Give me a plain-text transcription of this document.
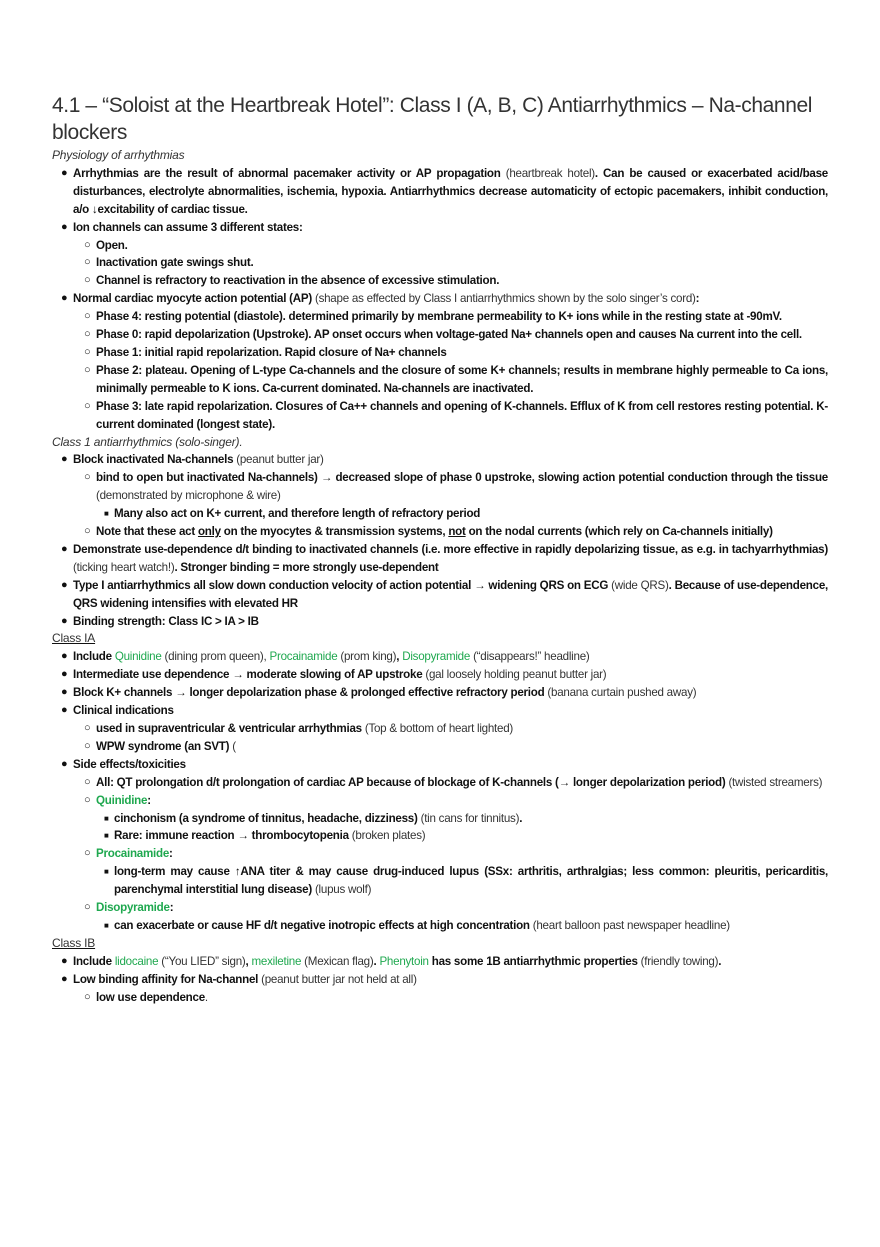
4.1 – “Soloist at the Heartbreak Hotel”: Class I (A, B, C) Antiarrhythmics – Na-channel blockers
Physiology of arrhythmias
● Arrhythmias are the result of abnormal pacemaker activity or AP propagation (heartbreak hotel). Can be caused or exacerbated acid/base disturbances, electrolyte abnormalities, ischemia, hypoxia. Antiarrhythmics decrease automaticity of ectopic pacemakers, inhibit conduction, a/o ↓excitability of cardiac tissue.
● Ion channels can assume 3 different states:
○ Open.
○ Inactivation gate swings shut.
○ Channel is refractory to reactivation in the absence of excessive stimulation.
● Normal cardiac myocyte action potential (AP) (shape as effected by Class I antiarrhythmics shown by the solo singer’s cord):
○ Phase 4: resting potential (diastole). determined primarily by membrane permeability to K+ ions while in the resting state at -90mV.
○ Phase 0: rapid depolarization (Upstroke). AP onset occurs when voltage-gated Na+ channels open and causes Na current into the cell.
○ Phase 1: initial rapid repolarization. Rapid closure of Na+ channels
○ Phase 2: plateau. Opening of L-type Ca-channels and the closure of some K+ channels; results in membrane highly permeable to Ca ions, minimally permeable to K ions. Ca-current dominated. Na-channels are inactivated.
○ Phase 3: late rapid repolarization. Closures of Ca++ channels and opening of K-channels. Efflux of K from cell restores resting potential. K-current dominated (longest state).
Class 1 antiarrhythmics (solo-singer).
● Block inactivated Na-channels (peanut butter jar)
○ bind to open but inactivated Na-channels) → decreased slope of phase 0 upstroke, slowing action potential conduction through the tissue (demonstrated by microphone & wire)
■ Many also act on K+ current, and therefore length of refractory period
○ Note that these act only on the myocytes & transmission systems, not on the nodal currents (which rely on Ca-channels initially)
● Demonstrate use-dependence d/t binding to inactivated channels (i.e. more effective in rapidly depolarizing tissue, as e.g. in tachyarrhythmias) (ticking heart watch!). Stronger binding = more strongly use-dependent
● Type I antiarrhythmics all slow down conduction velocity of action potential → widening QRS on ECG (wide QRS). Because of use-dependence, QRS widening intensifies with elevated HR
● Binding strength: Class IC > IA > IB
Class IA
● Include Quinidine (dining prom queen), Procainamide (prom king), Disopyramide (“disappears!” headline)
● Intermediate use dependence → moderate slowing of AP upstroke (gal loosely holding peanut butter jar)
● Block K+ channels → longer depolarization phase & prolonged effective refractory period (banana curtain pushed away)
● Clinical indications
○ used in supraventricular & ventricular arrhythmias (Top & bottom of heart lighted)
○ WPW syndrome (an SVT) (
● Side effects/toxicities
○ All: QT prolongation d/t prolongation of cardiac AP because of blockage of K-channels (→ longer depolarization period) (twisted streamers)
○ Quinidine:
■ cinchonism (a syndrome of tinnitus, headache, dizziness) (tin cans for tinnitus).
■ Rare: immune reaction → thrombocytopenia (broken plates)
○ Procainamide:
■ long-term may cause ↑ANA titer & may cause drug-induced lupus (SSx: arthritis, arthralgias; less common: pleuritis, pericarditis, parenchymal interstitial lung disease) (lupus wolf)
○ Disopyramide:
■ can exacerbate or cause HF d/t negative inotropic effects at high concentration (heart balloon past newspaper headline)
Class IB
● Include lidocaine (“You LIED” sign), mexiletine (Mexican flag). Phenytoin has some 1B antiarrhythmic properties (friendly towing).
● Low binding affinity for Na-channel (peanut butter jar not held at all)
○ low use dependence.
